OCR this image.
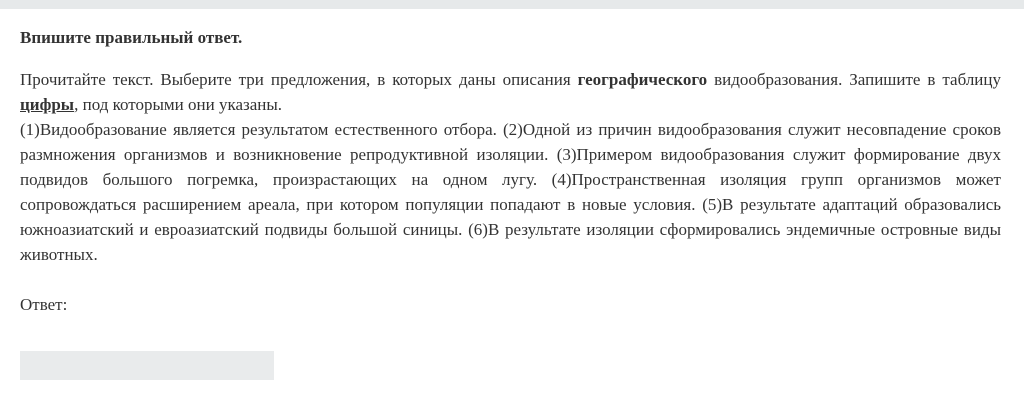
Впишите правильный ответ.

Прочитайте текст. Выберите три предложения, в которых даны описания географического видообразования. Запишите в таблицу цифры, под которыми они указаны.

(1)Видообразование является результатом естественного отбора. (2)Одной из причин видообразования служит несовпадение сроков размножения организмов и возникновение репродуктивной изоляции. (3)Примером видообразования служит формирование двух подвидов большого погремка, произрастающих на одном лугу. (4)Пространственная изоляция групп организмов может сопровождаться расширением ареала, при котором популяции попадают в новые условия. (5)В результате адаптаций образовались южноазиатский и евроазиатский подвиды большой синицы. (6)В результате изоляции сформировались эндемичные островные виды животных.

Ответ:
